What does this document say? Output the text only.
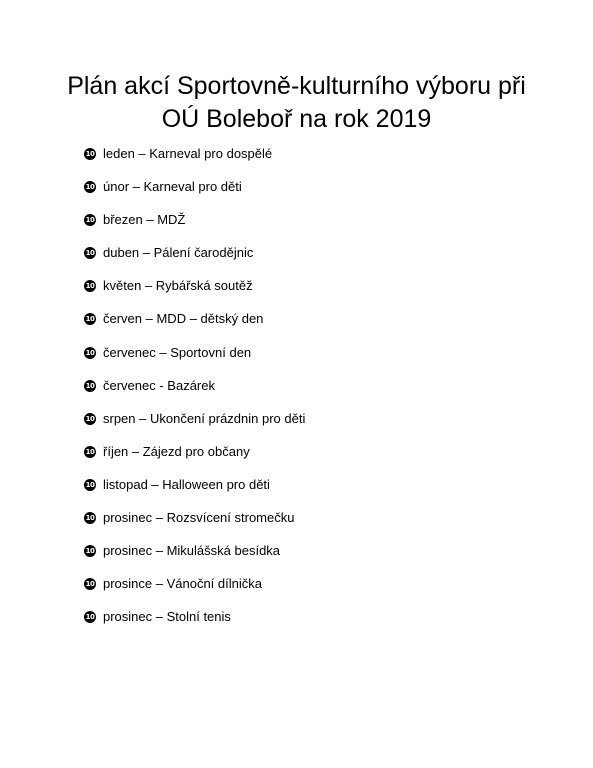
Plán akcí Sportovně-kulturního výboru při
OÚ Boleboř na rok 2019
10 leden – Karneval pro dospělé
10 únor – Karneval pro děti
10 březen – MDŽ
10 duben – Pálení čarodějnic
10 květen – Rybářská soutěž
10 červen – MDD – dětský den
10 červenec – Sportovní den
10 červenec - Bazárek
10 srpen – Ukončení prázdnin pro děti
10 říjen – Zájezd pro občany
10 listopad – Halloween pro děti
10 prosinec – Rozsvícení stromečku
10 prosinec – Mikulášská besídka
10 prosince – Vánoční dílnička
10 prosinec – Stolní tenis
